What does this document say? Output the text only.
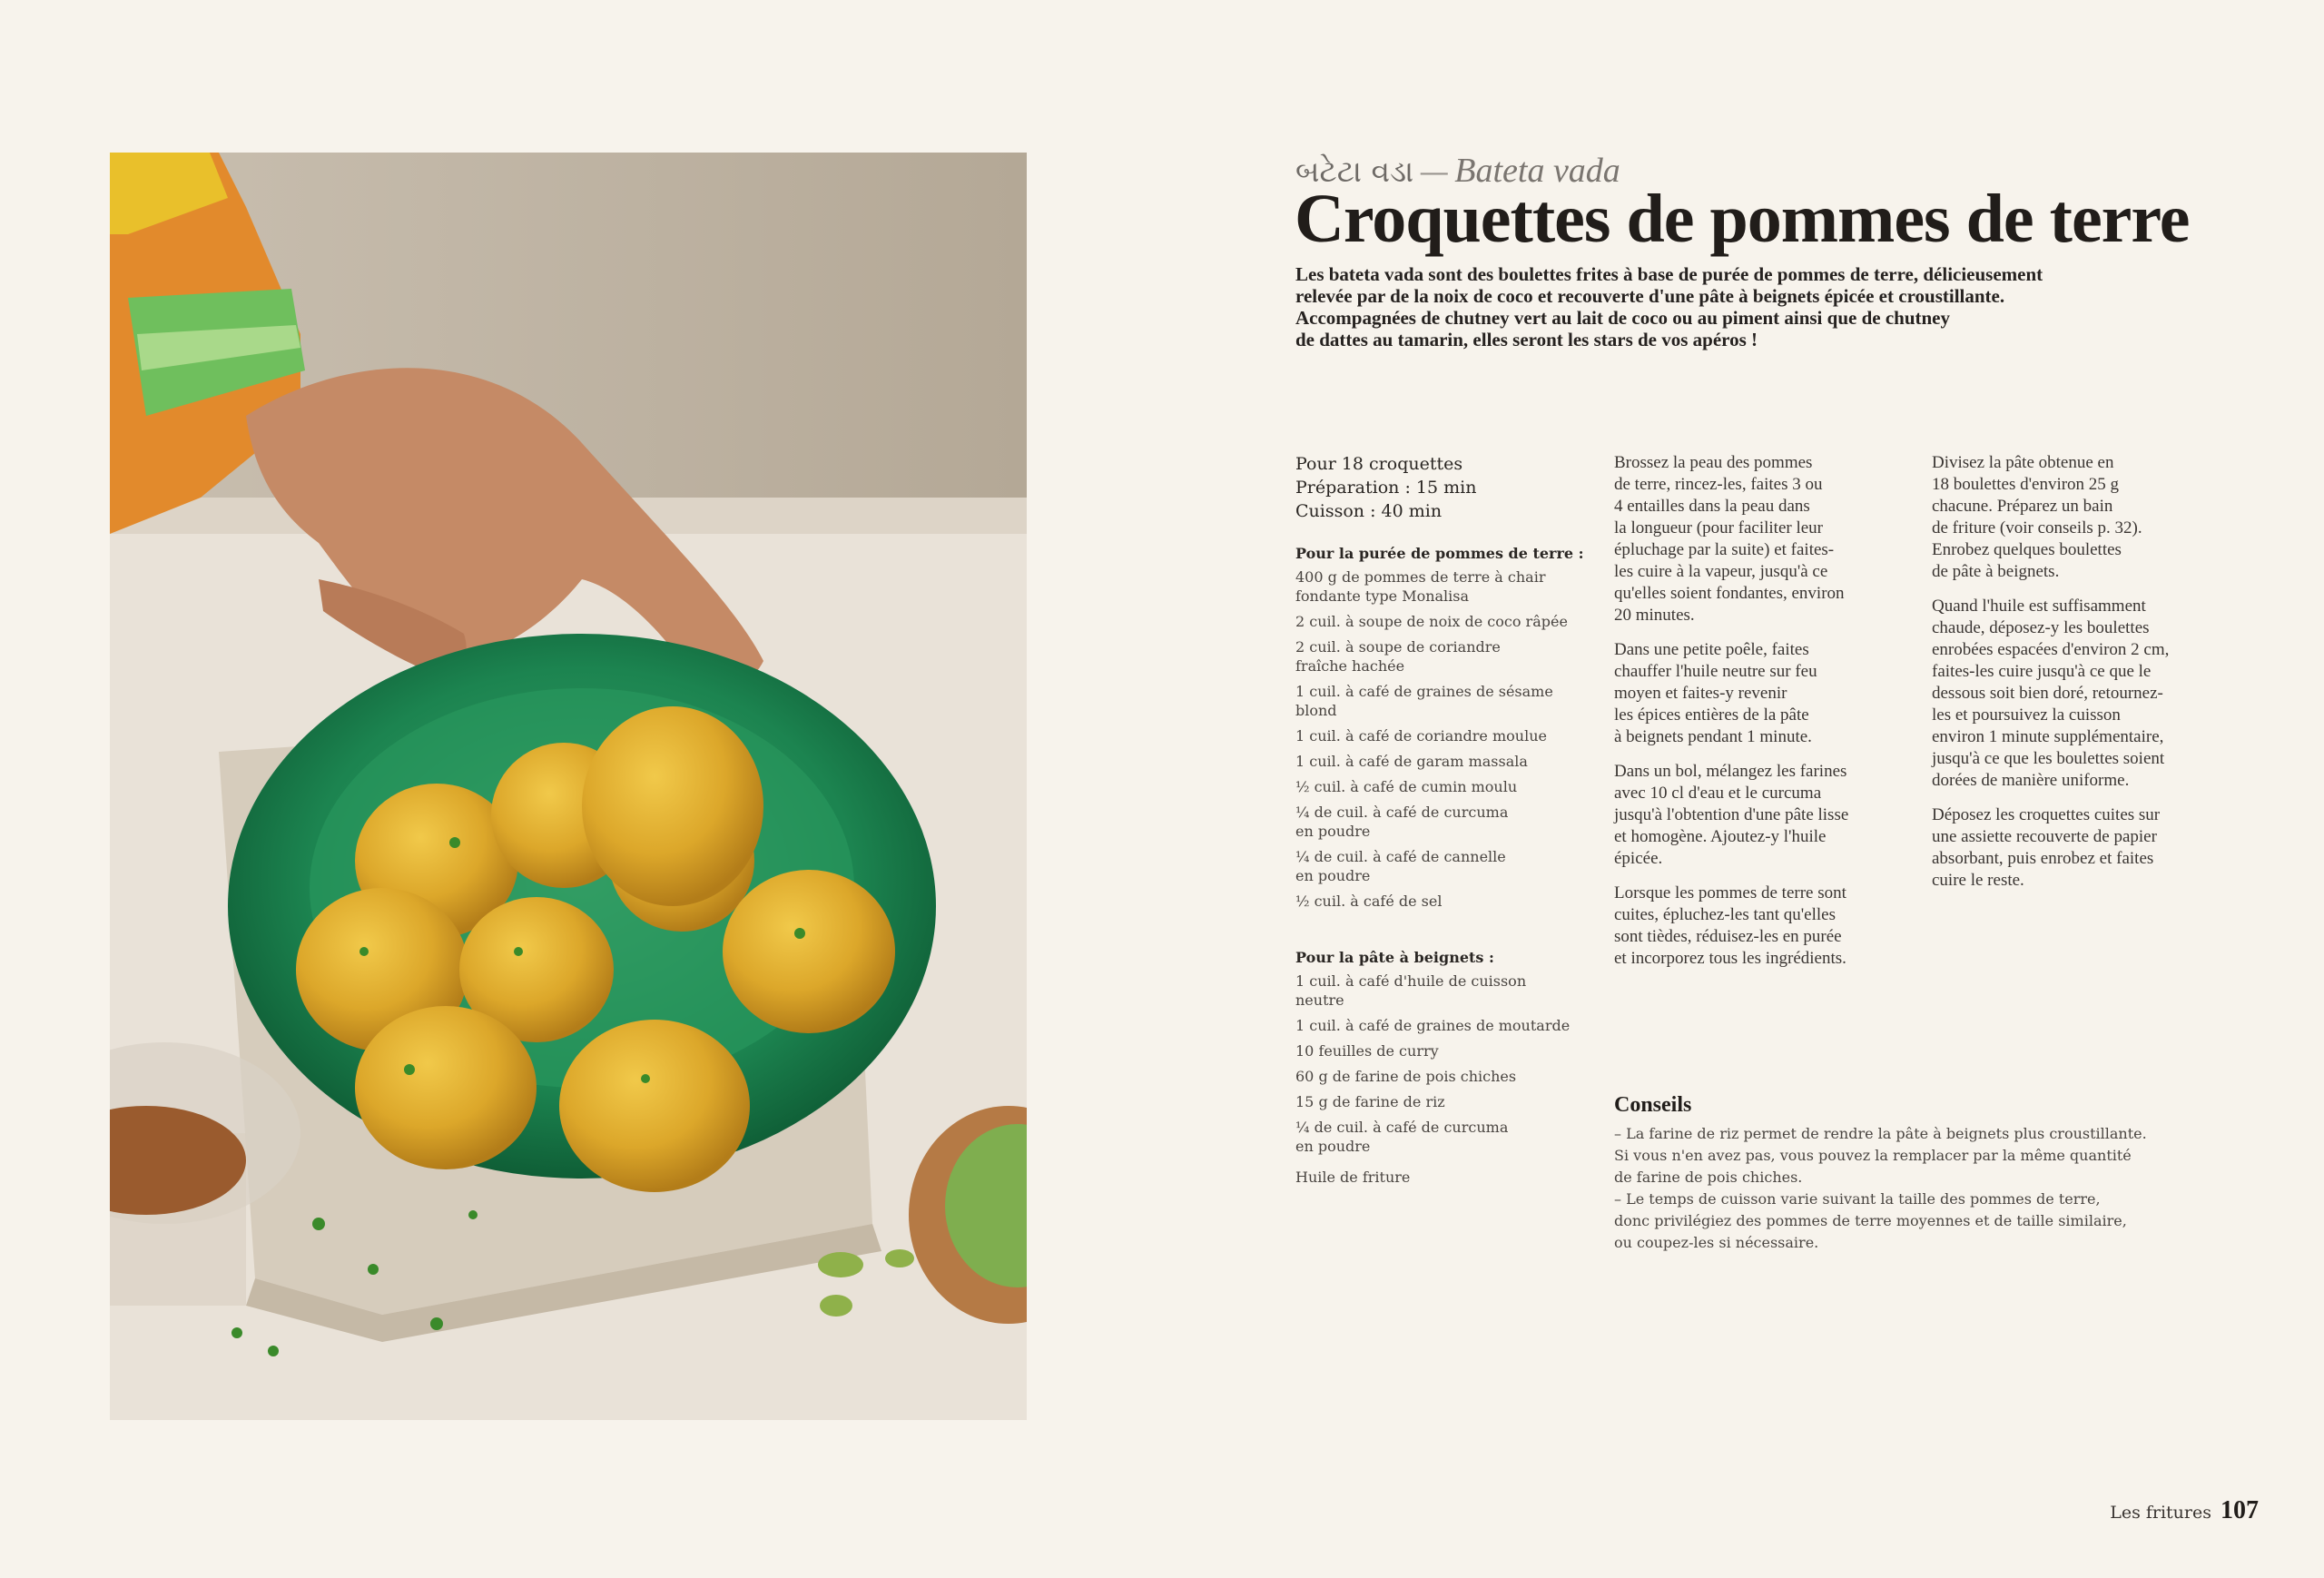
બટેટા વડા — Bateta vada
Croquettes de pommes de terre

Les bateta vada sont des boulettes frites à base de purée de pommes de terre, délicieusement
relevée par de la noix de coco et recouverte d'une pâte à beignets épicée et croustillante.
Accompagnées de chutney vert au lait de coco ou au piment ainsi que de chutney
de dattes au tamarin, elles seront les stars de vos apéros !

Pour 18 croquettes
Préparation : 15 min
Cuisson : 40 min
Pour la purée de pommes de terre :
400 g de pommes de terre à chair
fondante type Monalisa
2 cuil. à soupe de noix de coco râpée
2 cuil. à soupe de coriandre
fraîche hachée
1 cuil. à café de graines de sésame
blond
1 cuil. à café de coriandre moulue
1 cuil. à café de garam massala
½ cuil. à café de cumin moulu
¼ de cuil. à café de curcuma
en poudre
¼ de cuil. à café de cannelle
en poudre
½ cuil. à café de sel
Pour la pâte à beignets :
1 cuil. à café d'huile de cuisson
neutre
1 cuil. à café de graines de moutarde
10 feuilles de curry
60 g de farine de pois chiches
15 g de farine de riz
¼ de cuil. à café de curcuma
en poudre
Huile de friture

Brossez la peau des pommes
de terre, rincez-les, faites 3 ou
4 entailles dans la peau dans
la longueur (pour faciliter leur
épluchage par la suite) et faites-
les cuire à la vapeur, jusqu'à ce
qu'elles soient fondantes, environ
20 minutes.

Dans une petite poêle, faites
chauffer l'huile neutre sur feu
moyen et faites-y revenir
les épices entières de la pâte
à beignets pendant 1 minute.

Dans un bol, mélangez les farines
avec 10 cl d'eau et le curcuma
jusqu'à l'obtention d'une pâte lisse
et homogène. Ajoutez-y l'huile
épicée.

Lorsque les pommes de terre sont
cuites, épluchez-les tant qu'elles
sont tièdes, réduisez-les en purée
et incorporez tous les ingrédients.

Divisez la pâte obtenue en
18 boulettes d'environ 25 g
chacune. Préparez un bain
de friture (voir conseils p. 32).
Enrobez quelques boulettes
de pâte à beignets.

Quand l'huile est suffisamment
chaude, déposez-y les boulettes
enrobées espacées d'environ 2 cm,
faites-les cuire jusqu'à ce que le
dessous soit bien doré, retournez-
les et poursuivez la cuisson
environ 1 minute supplémentaire,
jusqu'à ce que les boulettes soient
dorées de manière uniforme.

Déposez les croquettes cuites sur
une assiette recouverte de papier
absorbant, puis enrobez et faites
cuire le reste.

Conseils

– La farine de riz permet de rendre la pâte à beignets plus croustillante.
Si vous n'en avez pas, vous pouvez la remplacer par la même quantité
de farine de pois chiches.
– Le temps de cuisson varie suivant la taille des pommes de terre,
donc privilégiez des pommes de terre moyennes et de taille similaire,
ou coupez-les si nécessaire.

Les fritures 107
